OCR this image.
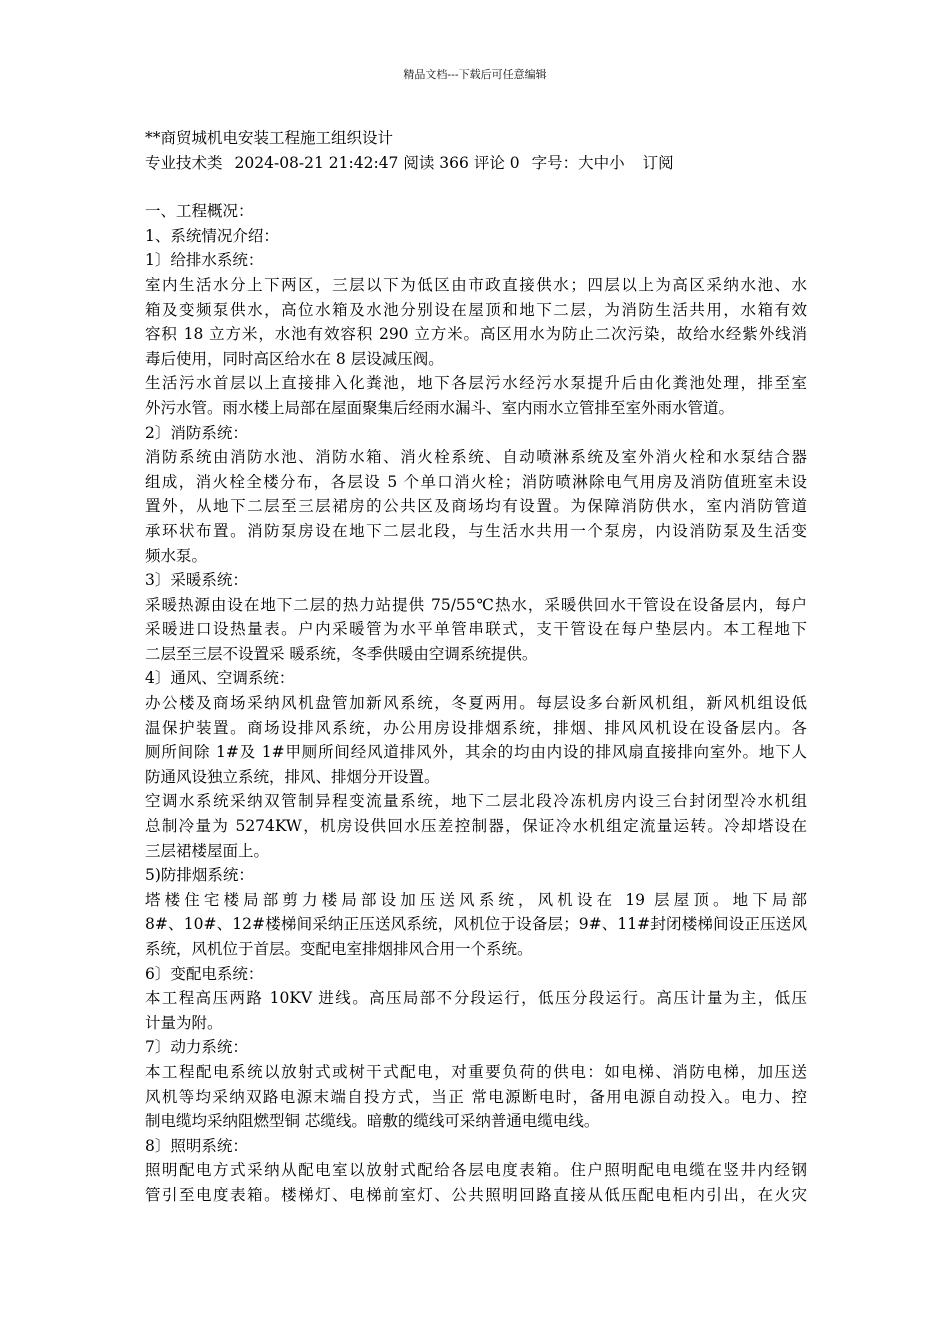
精品文档---下载后可任意编辑
**商贸城机电安装工程施工组织设计
专业技术类 2024-08-21 21:42:47 阅读 366 评论 0 字号：大中小 订阅
一、工程概况：
1、系统情况介绍：
1〕给排水系统：
室内生活水分上下两区，三层以下为低区由市政直接供水；四层以上为高区采纳水池、水
箱及变频泵供水，高位水箱及水池分别设在屋顶和地下二层，为消防生活共用，水箱有效
容积 18 立方米，水池有效容积 290 立方米。高区用水为防止二次污染，故给水经紫外线消
毒后使用，同时高区给水在 8 层设减压阀。
生活污水首层以上直接排入化粪池，地下各层污水经污水泵提升后由化粪池处理，排至室
外污水管。雨水楼上局部在屋面聚集后经雨水漏斗、室内雨水立管排至室外雨水管道。
2〕消防系统：
消防系统由消防水池、消防水箱、消火栓系统、自动喷淋系统及室外消火栓和水泵结合器
组成，消火栓全楼分布，各层设 5 个单口消火栓；消防喷淋除电气用房及消防值班室未设
置外，从地下二层至三层裙房的公共区及商场均有设置。为保障消防供水，室内消防管道
承环状布置。消防泵房设在地下二层北段，与生活水共用一个泵房，内设消防泵及生活变
频水泵。
3〕采暖系统：
采暖热源由设在地下二层的热力站提供 75/55℃热水，采暖供回水干管设在设备层内，每户
采暖进口设热量表。户内采暖管为水平单管串联式，支干管设在每户垫层内。本工程地下
二层至三层不设置采 暖系统，冬季供暖由空调系统提供。
4〕通风、空调系统：
办公楼及商场采纳风机盘管加新风系统，冬夏两用。每层设多台新风机组，新风机组设低
温保护装置。商场设排风系统，办公用房设排烟系统，排烟、排风风机设在设备层内。各
厕所间除 1#及 1#甲厕所间经风道排风外，其余的均由内设的排风扇直接排向室外。地下人
防通风设独立系统，排风、排烟分开设置。
空调水系统采纳双管制异程变流量系统，地下二层北段冷冻机房内设三台封闭型冷水机组
总制冷量为 5274KW，机房设供回水压差控制器，保证冷水机组定流量运转。冷却塔设在
三层裙楼屋面上。
5)防排烟系统：
塔楼住宅楼局部剪力楼局部设加压送风系统，风机设在 19 层屋顶。地下局部
8#、10#、12#楼梯间采纳正压送风系统，风机位于设备层；9#、11#封闭楼梯间设正压送风
系统，风机位于首层。变配电室排烟排风合用一个系统。
6〕变配电系统：
本工程高压两路 10KV 进线。高压局部不分段运行，低压分段运行。高压计量为主，低压
计量为附。
7〕动力系统：
本工程配电系统以放射式或树干式配电，对重要负荷的供电：如电梯、消防电梯，加压送
风机等均采纳双路电源末端自投方式，当正 常电源断电时，备用电源自动投入。电力、控
制电缆均采纳阻燃型铜 芯缆线。暗敷的缆线可采纳普通电缆电线。
8〕照明系统：
照明配电方式采纳从配电室以放射式配给各层电度表箱。住户照明配电电缆在竖井内经钢
管引至电度表箱。楼梯灯、电梯前室灯、公共照明回路直接从低压配电柜内引出，在火灾
